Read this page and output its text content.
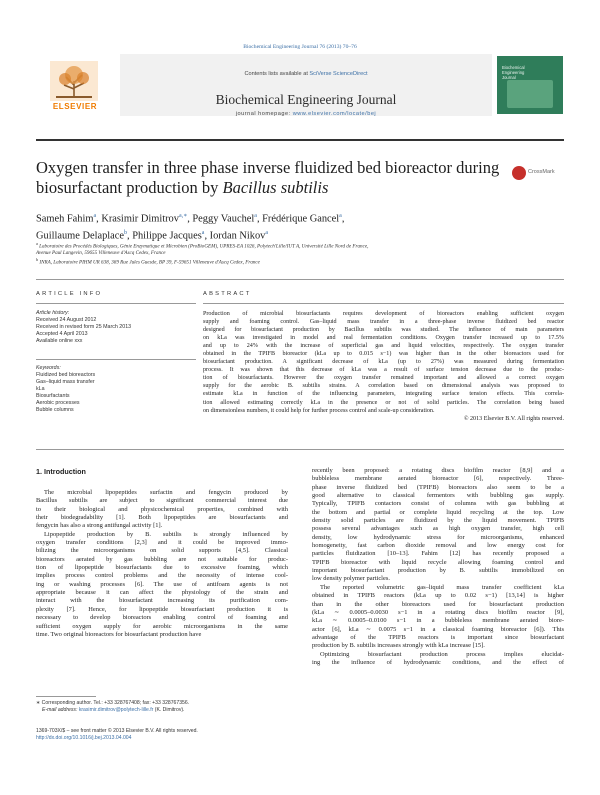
Biochemical Engineering Journal 76 (2013) 70–76
ELSEVIER
Contents lists available at SciVerse ScienceDirect
Biochemical Engineering Journal
journal homepage: www.elsevier.com/locate/bej
Biochemical
Engineering
Journal
Oxygen transfer in three phase inverse fluidized bed bioreactor during
biosurfactant production by Bacillus subtilis
CrossMark
Sameh Fahim$^a$, Krasimir Dimitrov$^{a,∗}$, Peggy Vauchel$^a$, Frédérique Gancel$^a$,
Guillaume Delaplace$^b$, Philippe Jacques$^a$, Iordan Nikov$^a$
$^a$ Laboratoire des Procédés Biologiques, Génie Enzymatique et Microbien (ProBioGEM), UPRES-EA 1026, Polytech'Lille/IUT A, Université Lille Nord de France,
Avenue Paul Langevin, 59655 Villeneuve d'Ascq Cedex, France
$^b$ INRA, Laboratoire PIHM UR 638, 369 Rue Jules Guesde, BP 39, F-59651 Villeneuve d'Ascq Cedex, France
ARTICLE INFO	ABSTRACT
Article history:
Received 24 August 2012
Received in revised form 25 March 2013
Accepted 4 April 2013
Available online xxx
Keywords:
Fluidized bed bioreactors
Gas–liquid mass transfer
kLa
Biosurfactants
Aerobic processes
Bubble columns
Production of microbial biosurfactants requires development of bioreactors enabling sufficient oxygen
supply and foaming control. Gas–liquid mass transfer in a three-phase inverse fluidized bed reactor
designed for biosurfactant production by Bacillus subtilis was studied. The influence of main parameters
on kLa was investigated in model and real fermentation conditions. Oxygen transfer increased up to 17.5%
and up to 24% with the increase of superficial gas and liquid velocities, respectively. The oxygen transfer
obtained in the TPIFB bioreactor (kLa up to 0.015 s−1) was higher than in the other bioreactors used for
biosurfactant production. A significant decrease of kLa (up to 27%) was measured during fermentation
process. It was shown that this decrease of kLa was a result of surface tension decrease due to the produc-
tion of biosurfactants. However the oxygen transfer remained important and allowed a correct oxygen
supply for the aerobic B. subtilis strains. A correlation based on dimensional analysis was proposed to
estimate kLa in function of the influencing parameters, integrating surface tension effects. This correla-
tion allowed estimating correctly kLa in the presence or not of solid particles. The correlation being based
on dimensionless numbers, it could help for further process control and scale-up consideration.
© 2013 Elsevier B.V. All rights reserved.
1. Introduction
The microbial lipopeptides surfactin and fengycin produced by
Bacillus subtilis are subject to significant commercial interest due
to their biological and physicochemical properties, combined with
their biodegradability [1]. Both lipopeptides are biosurfactants and
fengycin has also a strong antifungal activity [1].
Lipopeptide production by B. subtilis is strongly influenced by
oxygen transfer conditions [2,3] and it could be improved immo-
bilizing the microorganisms on solid supports [4,5]. Classical
bioreactors aerated by gas bubbling are not suitable for produc-
tion of lipopeptide biosurfactants due to excessive foaming, which
implies process control problems and the necessity of intense cool-
ing or washing processes [6]. The use of antifoam agents is not
appropriate because it can affect the physiology of the strain and
interact with the biosurfactant increasing its purification com-
plexity [7]. Hence, for lipopeptide biosurfactant production it is
necessary to develop bioreactors enabling control of foaming and
sufficient oxygen supply for aerobic microorganisms in the same
time. Two original bioreactors for biosurfactant production have
recently been proposed: a rotating discs biofilm reactor [8,9] and a
bubbleless membrane aerated bioreactor [6], respectively. Three-
phase inverse fluidized bed (TPIFB) bioreactors also seem to be a
good alternative to classical fermentors with bubbling gas supply.
Typically, TPIFB contactors consist of columns with gas bubbling at
the bottom and partial or complete liquid recycling at the top. Low
density solid particles are fluidized by the liquid movement. TPIFB
possess several advantages such as high oxygen transfer, high cell
density, low hydrodynamic stress for microorganisms, enhanced
homogeneity, fast carbon dioxide removal and low energy cost for
particles fluidization [10–13]. Fahim [12] has recently proposed a
TPIFB bioreactor with liquid recycle allowing foaming control and
important biosurfactant production by B. subtilis immobilized on
low density polymer particles.
The reported volumetric gas–liquid mass transfer coefficient kLa
obtained in TPIFB reactors (kLa up to 0.02 s−1) [13,14] is higher
than in the other bioreactors used for biosurfactant production
(kLa ∼ 0.0005–0.0030 s−1 in a rotating discs biofilm reactor [9],
kLa ∼ 0.0005–0.0100 s−1 in a bubbleless membrane aerated biore-
actor [6], kLa ∼ 0.0075 s−1 in a classical foaming bioreactor [6]). This
advantage of the TPIFB reactors is important since biosurfactant
production by B. subtilis increases strongly with kLa increase [15].
Optimizing biosurfactant production process implies elucidat-
ing the influence of hydrodynamic conditions, and the effect of
∗ Corresponding author. Tel.: +33 328767408; fax: +33 328767356.
E-mail address: krasimir.dimitrov@polytech-lille.fr (K. Dimitrov).
1369-703X/$ – see front matter © 2013 Elsevier B.V. All rights reserved.
http://dx.doi.org/10.1016/j.bej.2013.04.004
